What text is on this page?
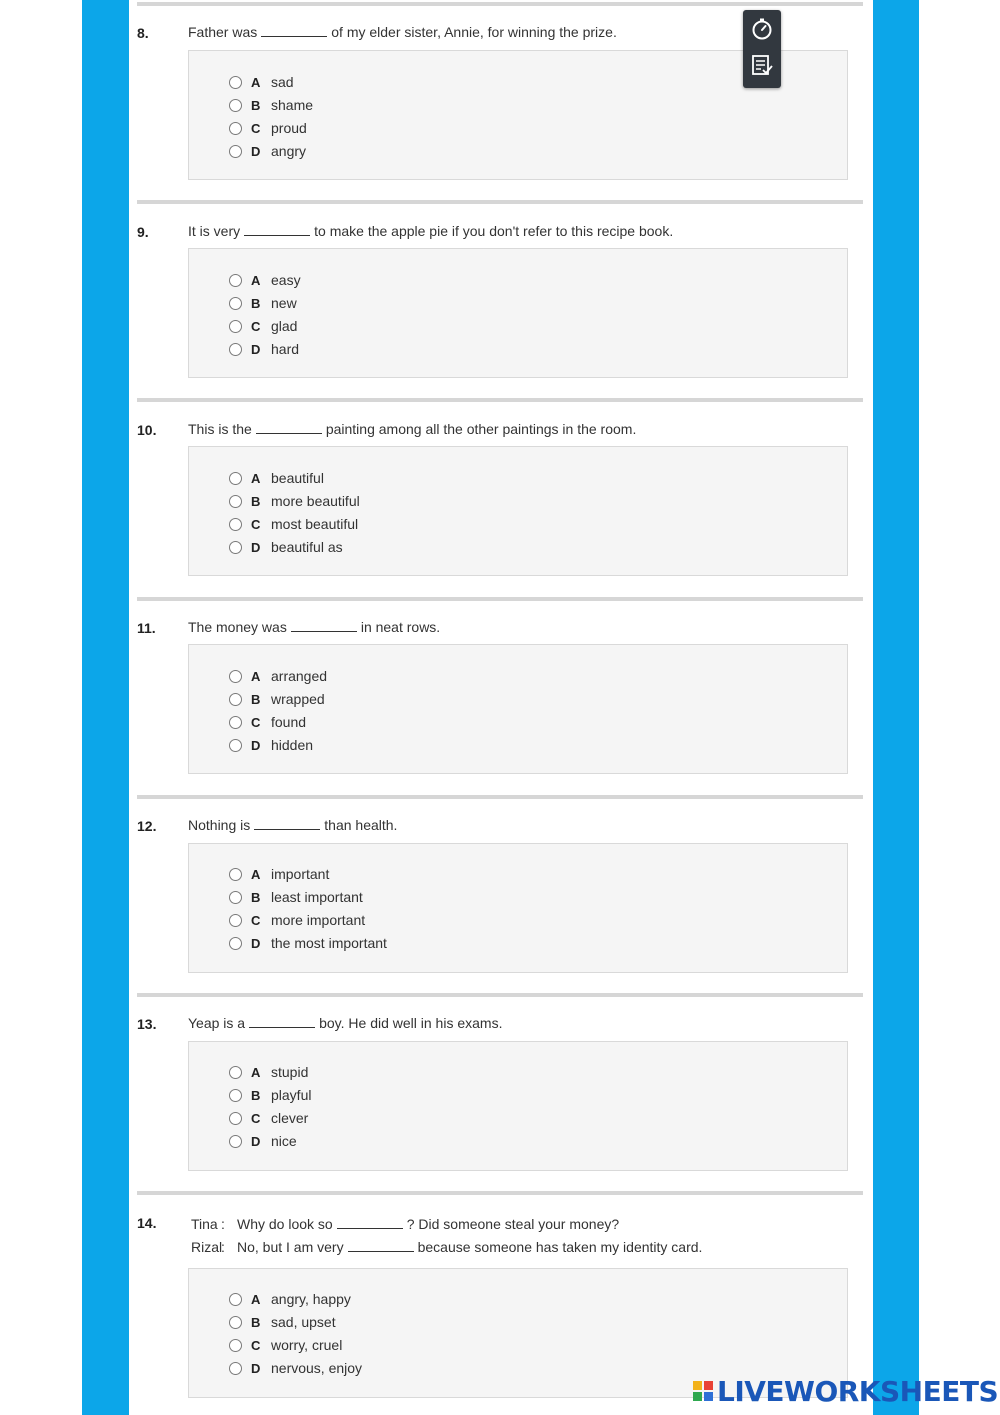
8.	Father was	of my elder sister, Annie, for winning the prize.
A sad
B shame
C proud
D angry
9.	It is very	to make the apple pie if you don't refer to this recipe book.
A easy
B new
C glad
D hard
10. This is the	painting among all the other paintings in the room.
A beautiful
B more beautiful
C most beautiful
D beautiful as
11. The money was	in neat rows.
A arranged
B wrapped
C found
D hidden
12. Nothing is	than health.
A important
B least important
C more important
D the most important
13. Yeap is a	boy. He did well in his exams.
A stupid
B playful
C clever
D nice
14. Tina : Why do look so	? Did someone steal your money?
Rizal: No, but I am very	because someone has taken my identity card.
A angry, happy
B sad, upset
C worry, cruel
D nervous, enjoy
LIVEWORKSHEETS
